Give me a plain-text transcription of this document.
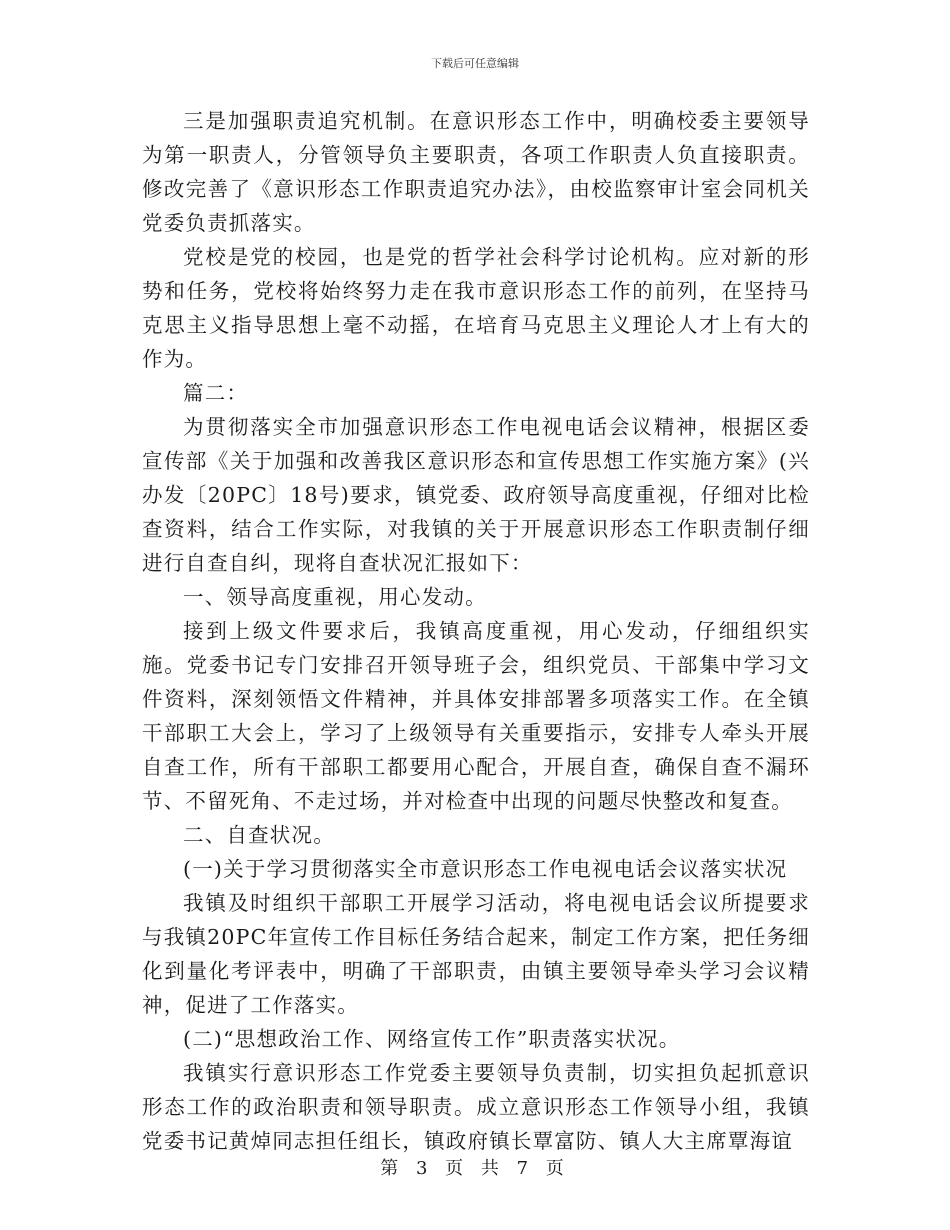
下载后可任意编辑

三是加强职责追究机制。在意识形态工作中，明确校委主要领导为第一职责人，分管领导负主要职责，各项工作职责人负直接职责。修改完善了《意识形态工作职责追究办法》，由校监察审计室会同机关党委负责抓落实。

党校是党的校园，也是党的哲学社会科学讨论机构。应对新的形势和任务，党校将始终努力走在我市意识形态工作的前列，在坚持马克思主义指导思想上毫不动摇，在培育马克思主义理论人才上有大的作为。

篇二：

为贯彻落实全市加强意识形态工作电视电话会议精神，根据区委宣传部《关于加强和改善我区意识形态和宣传思想工作实施方案》(兴办发〔20PC〕18号)要求，镇党委、政府领导高度重视，仔细对比检查资料，结合工作实际，对我镇的关于开展意识形态工作职责制仔细进行自查自纠，现将自查状况汇报如下：

一、领导高度重视，用心发动。

接到上级文件要求后，我镇高度重视，用心发动，仔细组织实施。党委书记专门安排召开领导班子会，组织党员、干部集中学习文件资料，深刻领悟文件精神，并具体安排部署多项落实工作。在全镇干部职工大会上，学习了上级领导有关重要指示，安排专人牵头开展自查工作，所有干部职工都要用心配合，开展自查，确保自查不漏环节、不留死角、不走过场，并对检查中出现的问题尽快整改和复查。

二、自查状况。

(一)关于学习贯彻落实全市意识形态工作电视电话会议落实状况

我镇及时组织干部职工开展学习活动，将电视电话会议所提要求与我镇20PC年宣传工作目标任务结合起来，制定工作方案，把任务细化到量化考评表中，明确了干部职责，由镇主要领导牵头学习会议精神，促进了工作落实。

(二)“思想政治工作、网络宣传工作”职责落实状况。

我镇实行意识形态工作党委主要领导负责制，切实担负起抓意识形态工作的政治职责和领导职责。成立意识形态工作领导小组，我镇党委书记黄焯同志担任组长，镇政府镇长覃富防、镇人大主席覃海谊

第 3 页 共 7 页
